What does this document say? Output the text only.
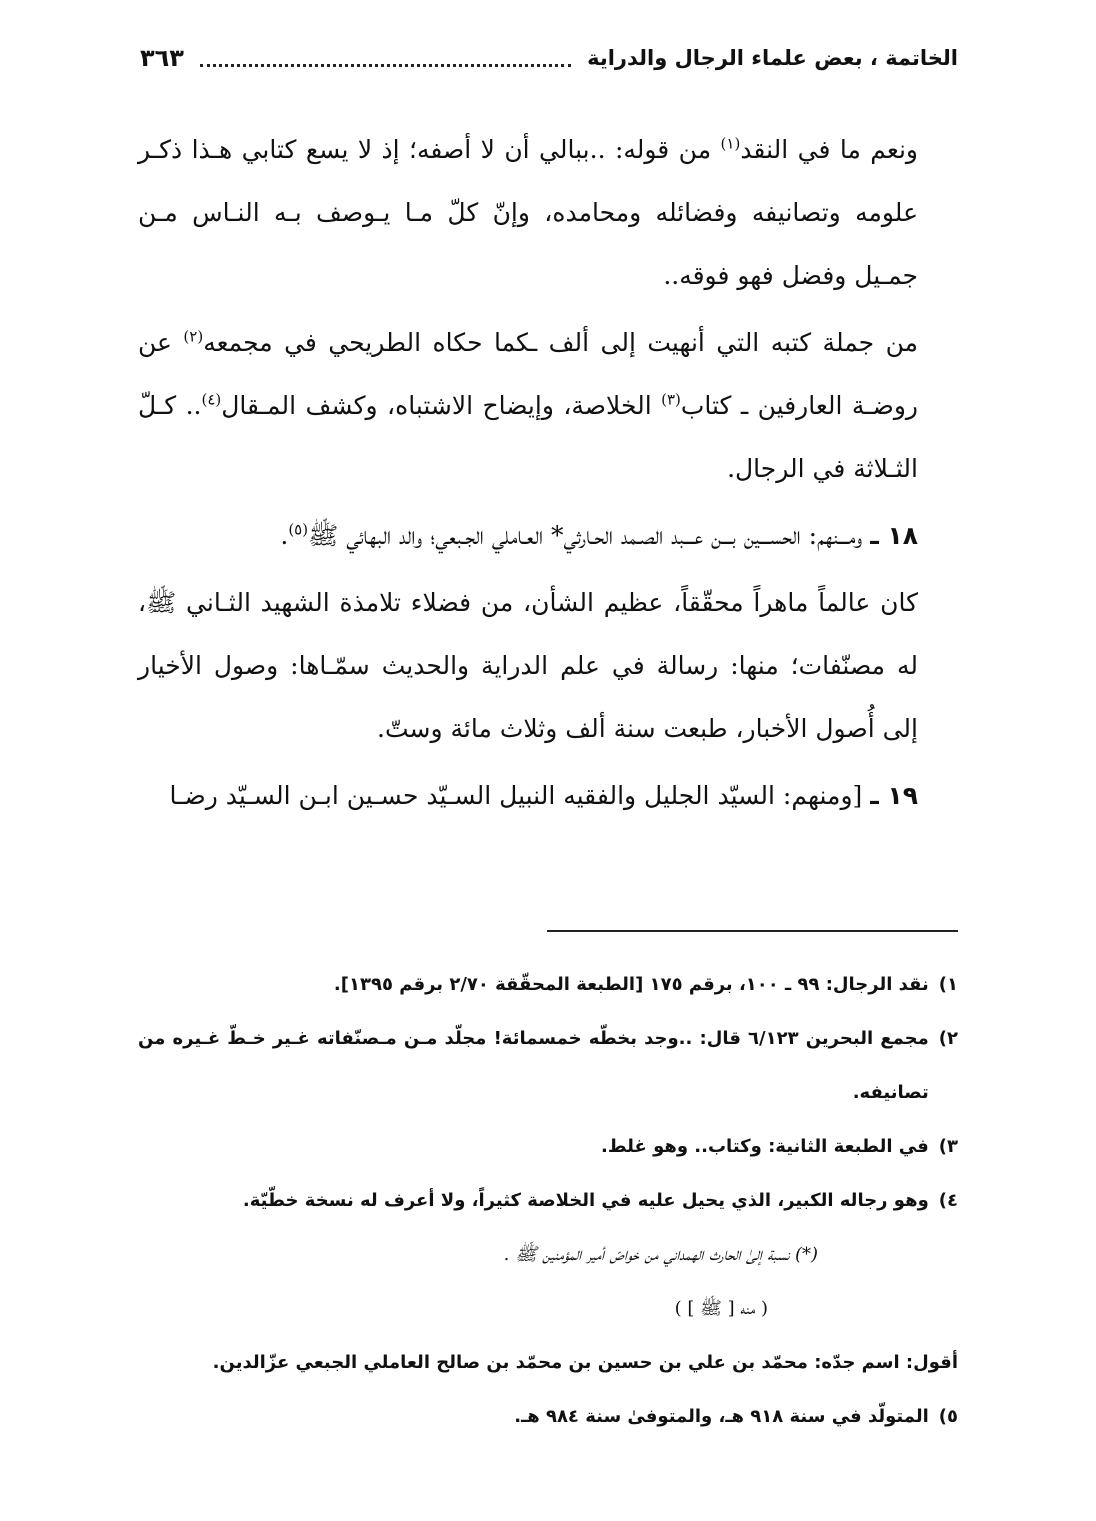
الخاتمة ، بعض علماء الرجال والدراية
٣٦٣

ونعم ما في النقد$^{(١)}$ من قوله: ..ببالي أن لا أصفه؛ إذ لا يسع كتابي هـذا ذكـر علومه وتصانيفه وفضائله ومحامده، وإنّ كلّ مـا يـوصف بـه النـاس مـن جمـيل وفضل فهو فوقه..

من جملة كتبه التي أنهيت إلى ألف ـكما حكاه الطريحي في مجمعه$^{(٢)}$ عن روضـة العارفين ـ كتاب$^{(٣)}$ الخلاصة، وإيضاح الاشتباه، وكشف المـقال$^{(٤)}$.. كـلّ الثـلاثة في الرجال.

١٨ ـ ومـــنهم: الحســـين بـــن عـــبد الصـمد الحـارثي* العـاملي الجـبعي؛ والد البهائي ﷺ$^{(٥)}$.

كان عالماً ماهراً محقّقاً، عظيم الشأن، من فضلاء تلامذة الشهيد الثـاني ﷺ، له مصنّفات؛ منها: رسالة في علم الدراية والحديث سمّـاها: وصول الأخيار إلى أُصول الأخبار، طبعت سنة ألف وثلاث مائة وستّ.

١٩ ـ [ومنهم: السيّد الجليل والفقيه النبيل السـيّد حسـين ابـن السـيّد رضـا

١)
نقد الرجال: ٩٩ ـ ١٠٠، برقم ١٧٥ [الطبعة المحقّقة ٢/٧٠ برقم ١٣٩٥].
٢)
مجمع البحرين ٦/١٢٣ قال: ..وجد بخطّه خمسمائة! مجلّد مـن مـصنّفاته غـير خـطّ غـيره من تصانيفه.
٣)
في الطبعة الثانية: وكتاب.. وهو غلط.
٤)
وهو رجاله الكبير، الذي يحيل عليه في الخلاصة كثيراً، ولا أعرف له نسخة خطّيّة.
(*) نسبة إلىٰ الحارث الهمداني من خواصّ أمير المؤمنين ﷺ .
( منه [ ﷺ ] )
أقول: اسم جدّه: محمّد بن علي بن حسين بن محمّد بن صالح العاملي الجبعي عزّالدين.
٥)
المتولّد في سنة ٩١٨ هـ، والمتوفىٰ سنة ٩٨٤ هـ.
